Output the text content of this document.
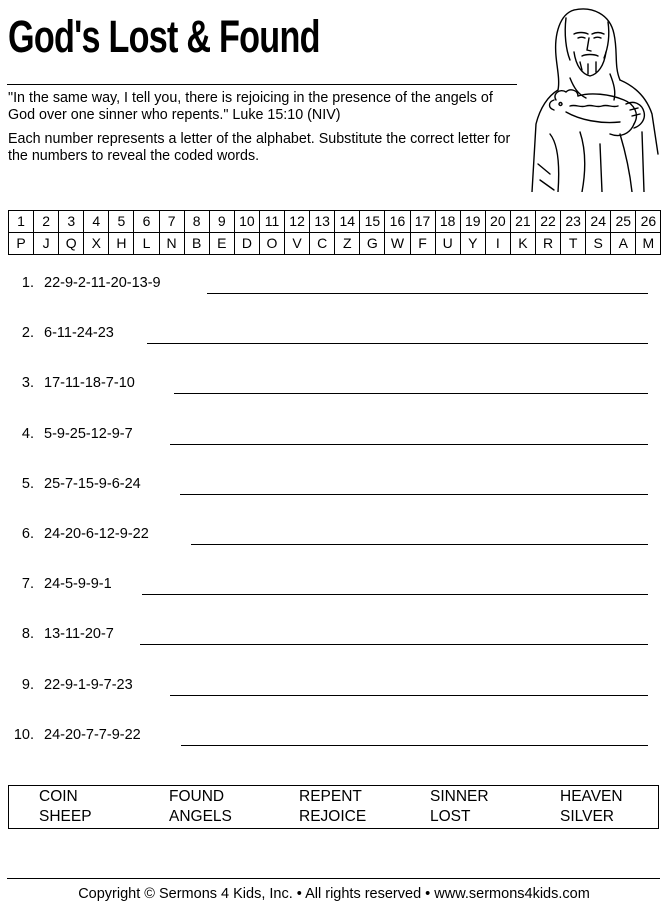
God's Lost & Found
"In the same way, I tell you, there is rejoicing in the presence of the angels of God over one sinner who repents." Luke 15:10 (NIV)
Each number represents a letter of the alphabet. Substitute the correct letter for the numbers to reveal the coded words.
1	2	3	4	5	6	7	8	9	10	11	12	13	14	15	16	17	18	19	20	21	22	23	24	25	26
P	J	Q	X	H	L	N	B	E	D	O	V	C	Z	G	W	F	U	Y	I	K	R	T	S	A	M
1. 22-9-2-11-20-13-9
2. 6-11-24-23
3. 17-11-18-7-10
4. 5-9-25-12-9-7
5. 25-7-15-9-6-24
6. 24-20-6-12-9-22
7. 24-5-9-9-1
8. 13-11-20-7
9. 22-9-1-9-7-23
10. 24-20-7-7-9-22
COIN	FOUND	REPENT	SINNER	HEAVEN
SHEEP	ANGELS	REJOICE	LOST	SILVER
Copyright © Sermons 4 Kids, Inc. • All rights reserved • www.sermons4kids.com
